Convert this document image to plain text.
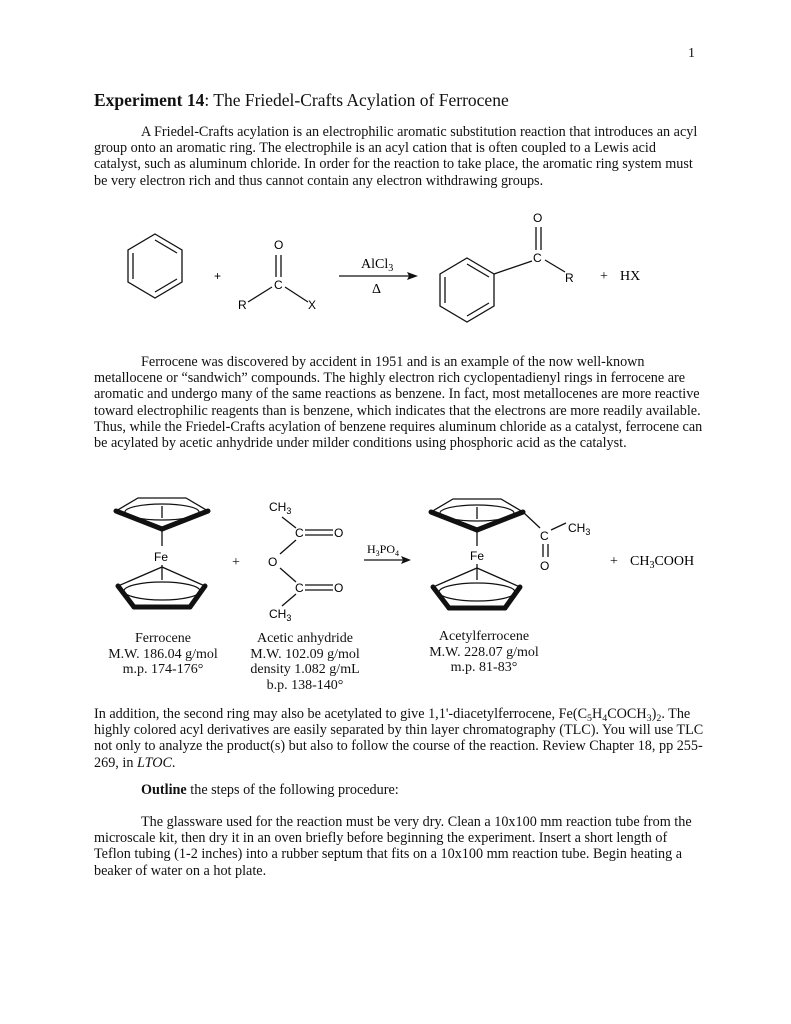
1
Experiment 14: The Friedel-Crafts Acylation of Ferrocene

A Friedel-Crafts acylation is an electrophilic aromatic substitution reaction that introduces an acyl group onto an aromatic ring. The electrophile is an acyl cation that is often coupled to a Lewis acid catalyst, such as aluminum chloride. In order for the reaction to take place, the aromatic ring system must be very electron rich and thus cannot contain any electron withdrawing groups.

+
O
C
R	X
AlCl$_3$
Δ
C
O
R + HX

Ferrocene was discovered by accident in 1951 and is an example of the now well-known metallocene or “sandwich” compounds. The highly electron rich cyclopentadienyl rings in ferrocene are aromatic and undergo many of the same reactions as benzene. In fact, most metallocenes are more reactive toward electrophilic reagents than is benzene, which indicates that the electrons are more readily available. Thus, while the Friedel-Crafts acylation of benzene requires aluminum chloride as a catalyst, ferrocene can be acylated by acetic anhydride under milder conditions using phosphoric acid as the catalyst.

Fe	+
$CH_3$
C	O
O
C	O
$CH_3$
$H_3PO_4$	Fe
C
$CH_3$
O	+ $CH_3COOH$
Ferrocene
M.W. 186.04 g/mol
m.p. 174-176°
Acetic anhydride
M.W. 102.09 g/mol
density 1.082 g/mL
b.p. 138-140°
Acetylferrocene
M.W. 228.07 g/mol
m.p. 81-83°

In addition, the second ring may also be acetylated to give 1,1'-diacetylferrocene, $Fe(C_5H_4COCH_3)_2$. The highly colored acyl derivatives are easily separated by thin layer chromatography (TLC). You will use TLC not only to analyze the product(s) but also to follow the course of the reaction. Review Chapter 18, pp 255-269, in LTOC.

Outline the steps of the following procedure:

The glassware used for the reaction must be very dry. Clean a 10x100 mm reaction tube from the microscale kit, then dry it in an oven briefly before beginning the experiment. Insert a short length of Teflon tubing (1-2 inches) into a rubber septum that fits on a 10x100 mm reaction tube. Begin heating a beaker of water on a hot plate.
